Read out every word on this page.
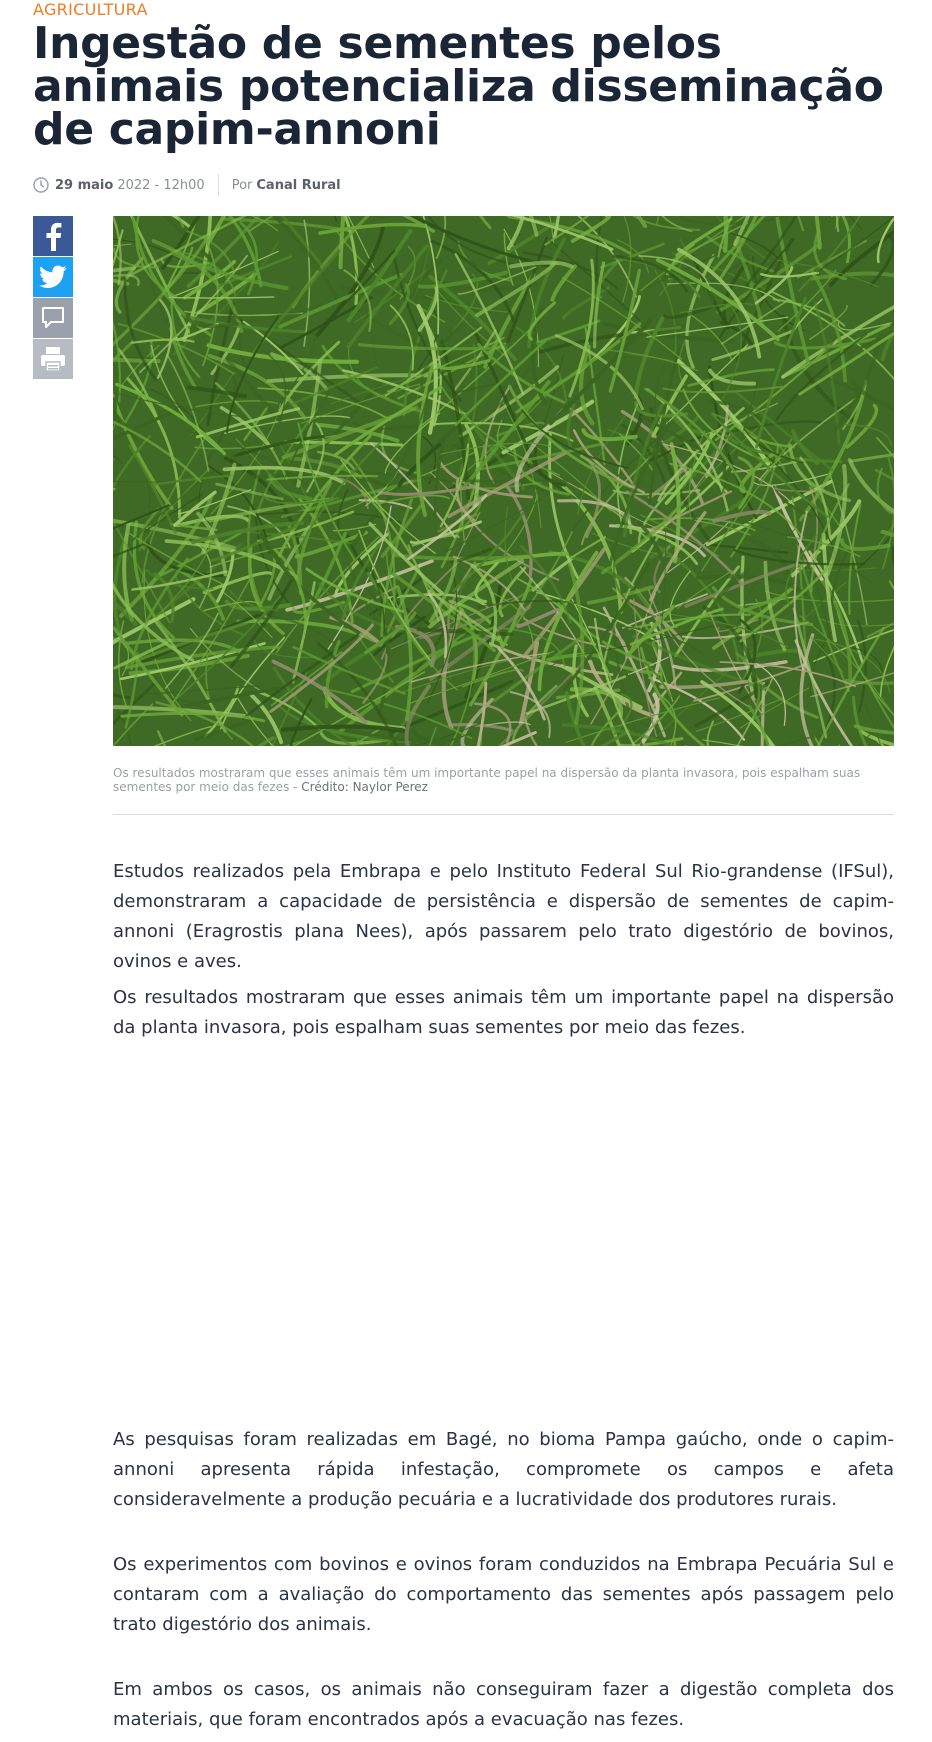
AGRICULTURA
Ingestão de sementes pelos animais potencializa disseminação de capim-annoni
29 maio 2022 - 12h00 Por Canal Rural
Os resultados mostraram que esses animais têm um importante papel na dispersão da planta invasora, pois espalham suas sementes por meio das fezes - Crédito: Naylor Perez

Estudos realizados pela Embrapa e pelo Instituto Federal Sul Rio-grandense (IFSul), demonstraram a capacidade de persistência e dispersão de sementes de capim-annoni (Eragrostis plana Nees), após passarem pelo trato digestório de bovinos, ovinos e aves.

Os resultados mostraram que esses animais têm um importante papel na dispersão da planta invasora, pois espalham suas sementes por meio das fezes.

As pesquisas foram realizadas em Bagé, no bioma Pampa gaúcho, onde o capim-annoni apresenta rápida infestação, compromete os campos e afeta consideravelmente a produção pecuária e a lucratividade dos produtores rurais.

Os experimentos com bovinos e ovinos foram conduzidos na Embrapa Pecuária Sul e contaram com a avaliação do comportamento das sementes após passagem pelo trato digestório dos animais.

Em ambos os casos, os animais não conseguiram fazer a digestão completa dos materiais, que foram encontrados após a evacuação nas fezes.
